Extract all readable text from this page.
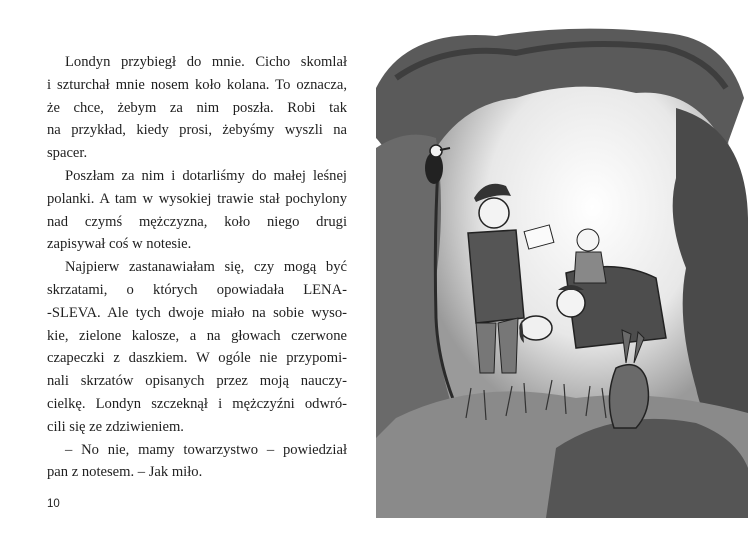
Londyn przybiegł do mnie. Cicho skomlał
i szturchał mnie nosem koło kolana. To oznacza, że chce, żebym za nim poszła. Robi tak
na przykład, kiedy prosi, żebyśmy wyszli na
spacer.
Poszłam za nim i dotarliśmy do małej leśnej
polanki. A tam w wysokiej trawie stał pochylony nad czymś mężczyzna, koło niego drugi
zapisywał coś w notesie.
Najpierw zastanawiałam się, czy mogą być
skrzatami, o których opowiadała LENA-
-SLEVA. Ale tych dwoje miało na sobie wyso-
kie, zielone kalosze, a na głowach czerwone
czapeczki z daszkiem. W ogóle nie przypomi-
nali skrzatów opisanych przez moją nauczy-
cielkę. Londyn szczeknął i mężczyźni odwró-
cili się ze zdziwieniem.
– No nie, mamy towarzystwo – powiedział
pan z notesem. – Jak miło.
10
